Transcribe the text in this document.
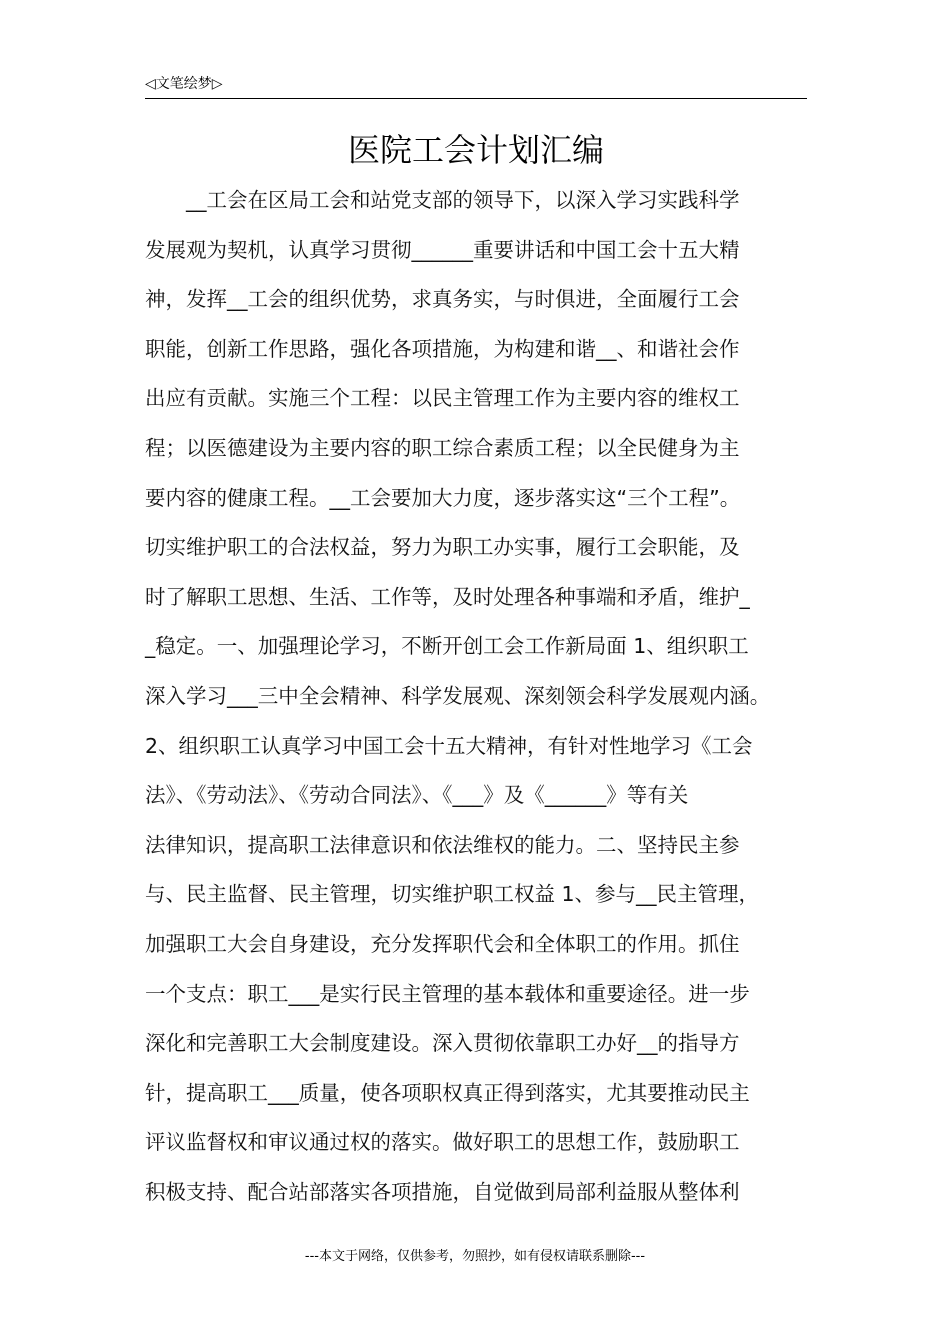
◁文笔绘梦▷
医院工会计划汇编
　　__工会在区局工会和站党支部的领导下，以深入学习实践科学
发展观为契机，认真学习贯彻______重要讲话和中国工会十五大精
神，发挥__工会的组织优势，求真务实，与时俱进，全面履行工会
职能，创新工作思路，强化各项措施，为构建和谐__、和谐社会作
出应有贡献。实施三个工程：以民主管理工作为主要内容的维权工
程；以医德建设为主要内容的职工综合素质工程；以全民健身为主
要内容的健康工程。__工会要加大力度，逐步落实这“三个工程”。
切实维护职工的合法权益，努力为职工办实事，履行工会职能，及
时了解职工思想、生活、工作等，及时处理各种事端和矛盾，维护_
_稳定。一、加强理论学习，不断开创工会工作新局面 1、组织职工
深入学习___三中全会精神、科学发展观、深刻领会科学发展观内涵。
2、组织职工认真学习中国工会十五大精神，有针对性地学习《工会
法》、《劳动法》、《劳动合同法》、《___》及《______》等有关
法律知识，提高职工法律意识和依法维权的能力。二、坚持民主参
与、民主监督、民主管理，切实维护职工权益 1、参与__民主管理，
加强职工大会自身建设，充分发挥职代会和全体职工的作用。抓住
一个支点：职工___是实行民主管理的基本载体和重要途径。进一步
深化和完善职工大会制度建设。深入贯彻依靠职工办好__的指导方
针，提高职工___质量，使各项职权真正得到落实，尤其要推动民主
评议监督权和审议通过权的落实。做好职工的思想工作，鼓励职工
积极支持、配合站部落实各项措施，自觉做到局部利益服从整体利
---本文于网络，仅供参考，勿照抄，如有侵权请联系删除---
